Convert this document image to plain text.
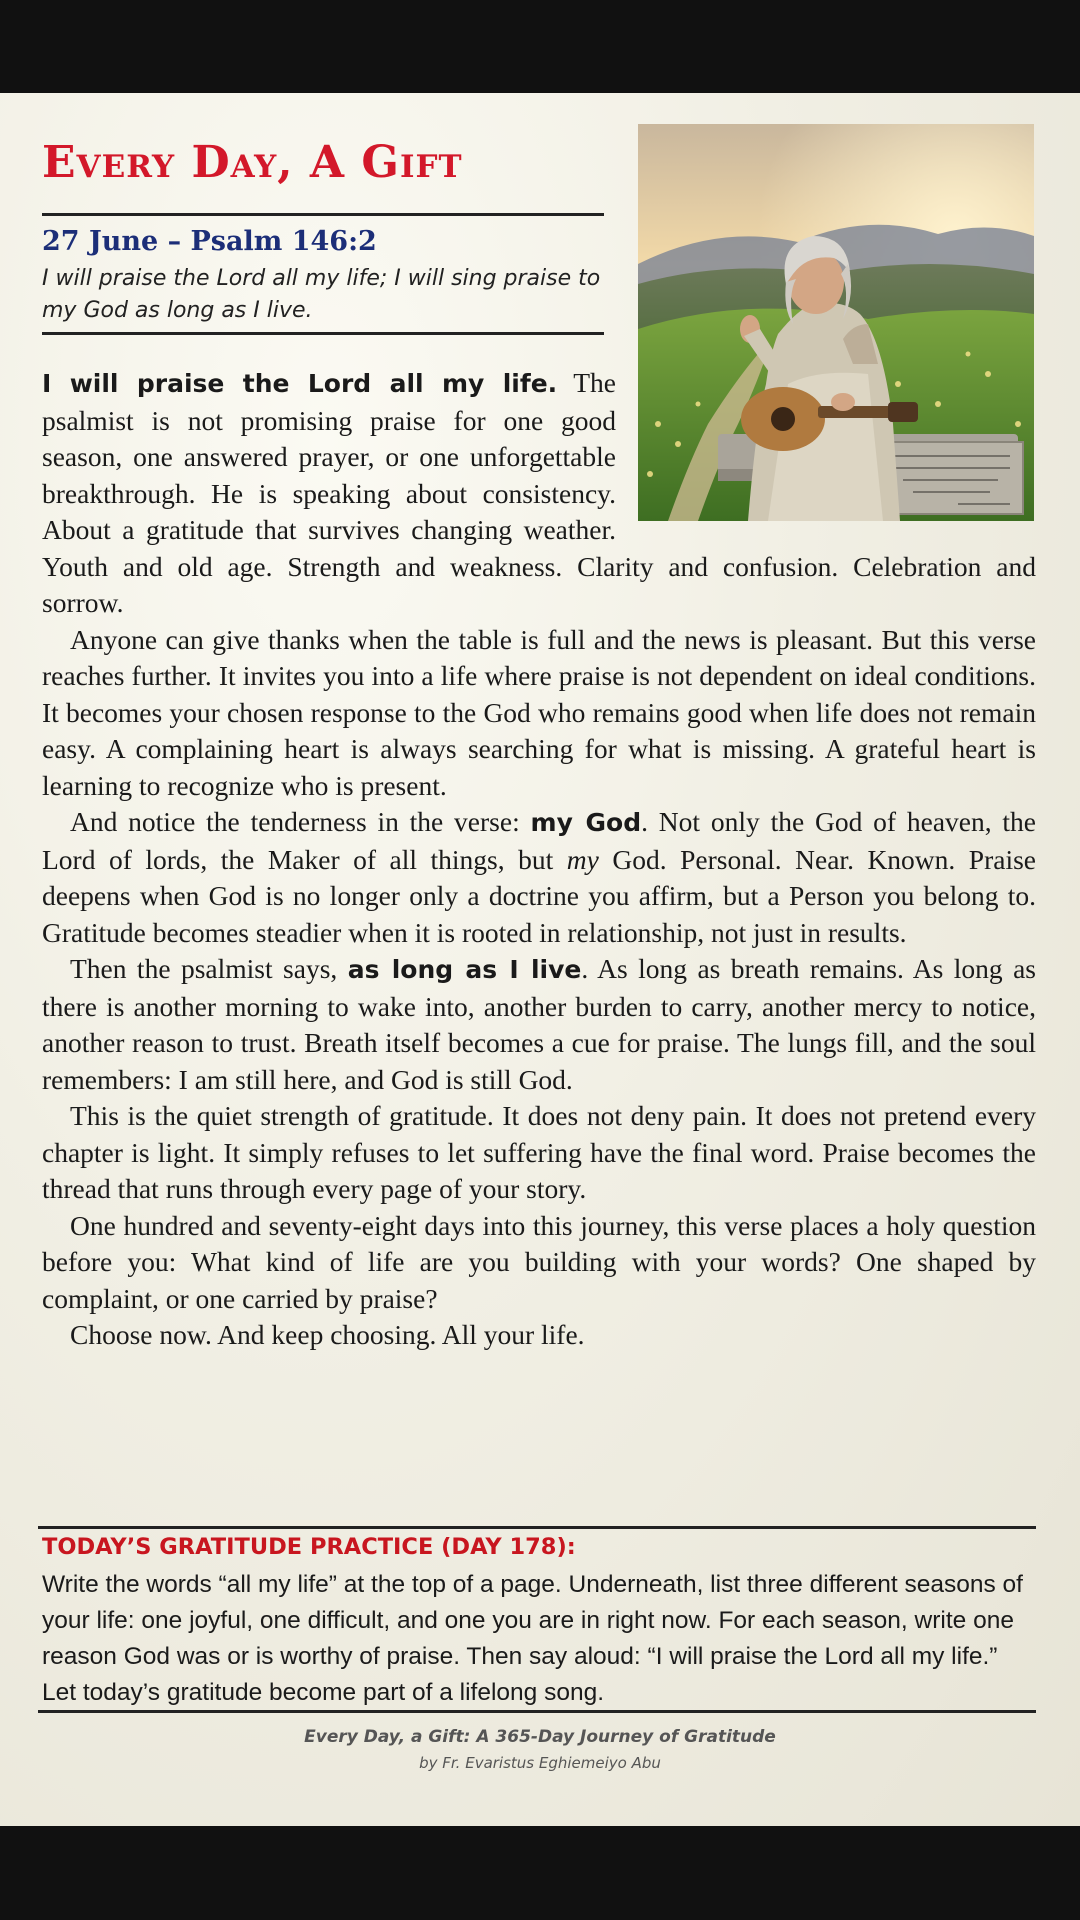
Every Day, A Gift
27 June – Psalm 146:2
I will praise the Lord all my life; I will sing praise to my God as long as I live.

I will praise the Lord all my life. The psalmist is not promising praise for one good season, one answered prayer, or one unforgettable breakthrough. He is speaking about consistency. About a gratitude that survives changing weather. Youth and old age. Strength and weakness. Clarity and confusion. Celebration and sorrow.

Anyone can give thanks when the table is full and the news is pleasant. But this verse reaches further. It invites you into a life where praise is not dependent on ideal conditions. It becomes your chosen response to the God who remains good when life does not remain easy. A complaining heart is always searching for what is missing. A grateful heart is learning to recognize who is present.

And notice the tenderness in the verse: my God. Not only the God of heaven, the Lord of lords, the Maker of all things, but my God. Personal. Near. Known. Praise deepens when God is no longer only a doctrine you affirm, but a Person you belong to. Gratitude becomes steadier when it is rooted in relationship, not just in results.

Then the psalmist says, as long as I live. As long as breath remains. As long as there is another morning to wake into, another burden to carry, another mercy to notice, another reason to trust. Breath itself becomes a cue for praise. The lungs fill, and the soul remembers: I am still here, and God is still God.

This is the quiet strength of gratitude. It does not deny pain. It does not pretend every chapter is light. It simply refuses to let suffering have the final word. Praise becomes the thread that runs through every page of your story.

One hundred and seventy-eight days into this journey, this verse places a holy question before you: What kind of life are you building with your words? One shaped by complaint, or one carried by praise?

Choose now. And keep choosing. All your life.

TODAY’S GRATITUDE PRACTICE (DAY 178):
Write the words “all my life” at the top of a page. Underneath, list three different seasons of your life: one joyful, one difficult, and one you are in right now. For each season, write one reason God was or is worthy of praise. Then say aloud: “I will praise the Lord all my life.” Let today’s gratitude become part of a lifelong song.
Every Day, a Gift: A 365-Day Journey of Gratitude
by Fr. Evaristus Eghiemeiyo Abu
